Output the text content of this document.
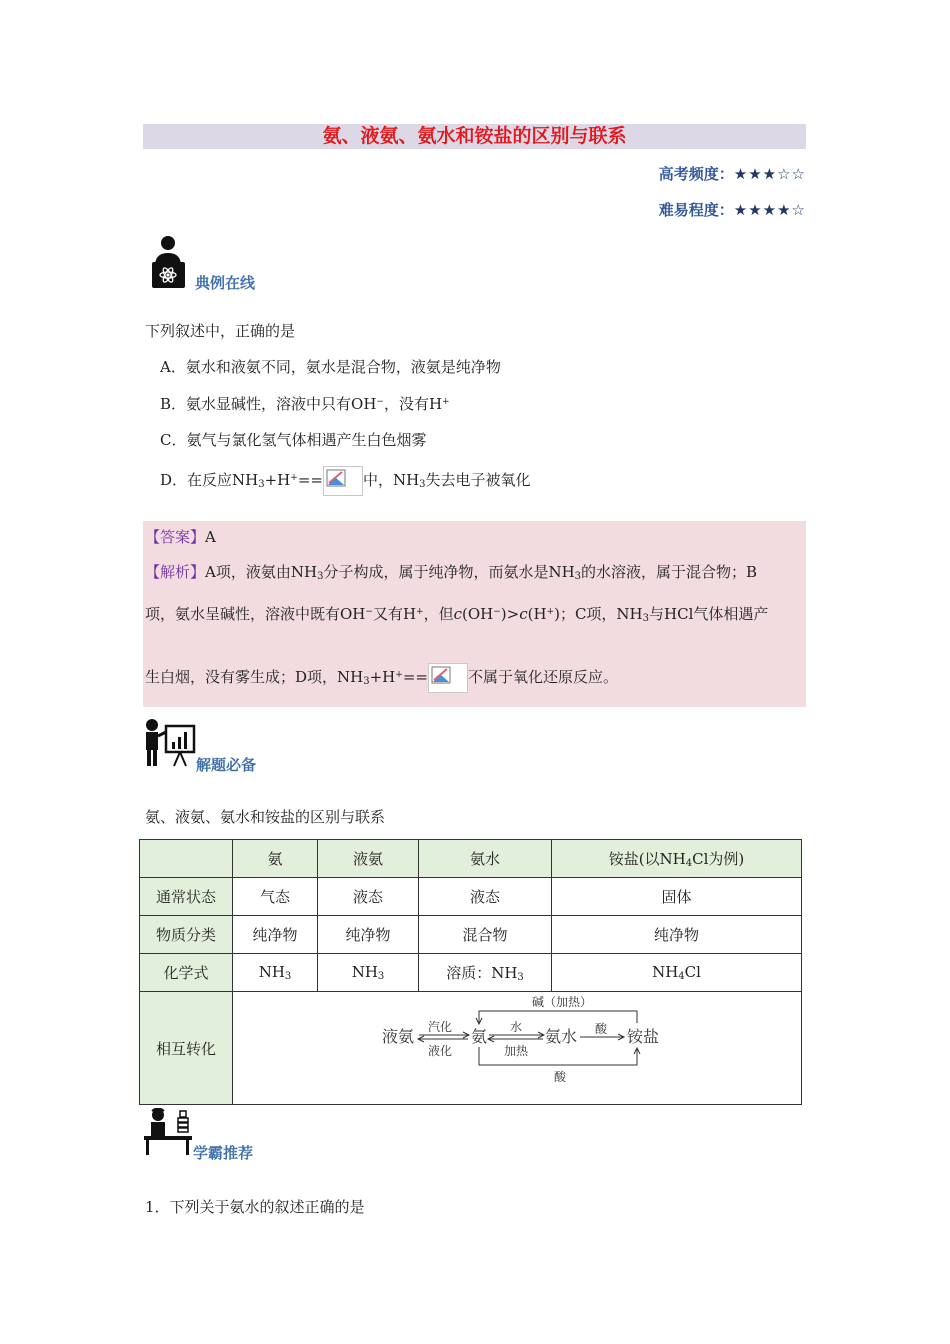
氨、液氨、氨水和铵盐的区别与联系
高考频度：★★★☆☆
难易程度：★★★★☆
典例在线
下列叙述中，正确的是
A．氨水和液氨不同，氨水是混合物，液氨是纯净物
B．氨水显碱性，溶液中只有OH−，没有H+
C．氨气与氯化氢气体相遇产生白色烟雾
D．在反应$NH_3+H^+==$	中，$NH_3$失去电子被氧化
【答案】A
【解析】A项，液氨由$NH_3$分子构成，属于纯净物，而氨水是$NH_3$的水溶液，属于混合物；B
项，氨水呈碱性，溶液中既有OH−又有H+，但c(OH−)>c(H+)；C项，$NH_3$与HCl气体相遇产
生白烟，没有雾生成；D项，$NH_3+H^+==$	不属于氧化还原反应。
解题必备
氨、液氨、氨水和铵盐的区别与联系
	氨	液氨	氨水	铵盐(以$NH_4Cl$为例)
通常状态	气态	液态	液态	固体
物质分类	纯净物	纯净物	混合物	纯净物
化学式	$NH_3$	$NH_3$	溶质：$NH_3$	$NH_4Cl$
相互转化				
液氨	氨	氨水	铵盐
汽化
液化
水
加热
酸
碱（加热）
酸
学霸推荐
1．下列关于氨水的叙述正确的是
